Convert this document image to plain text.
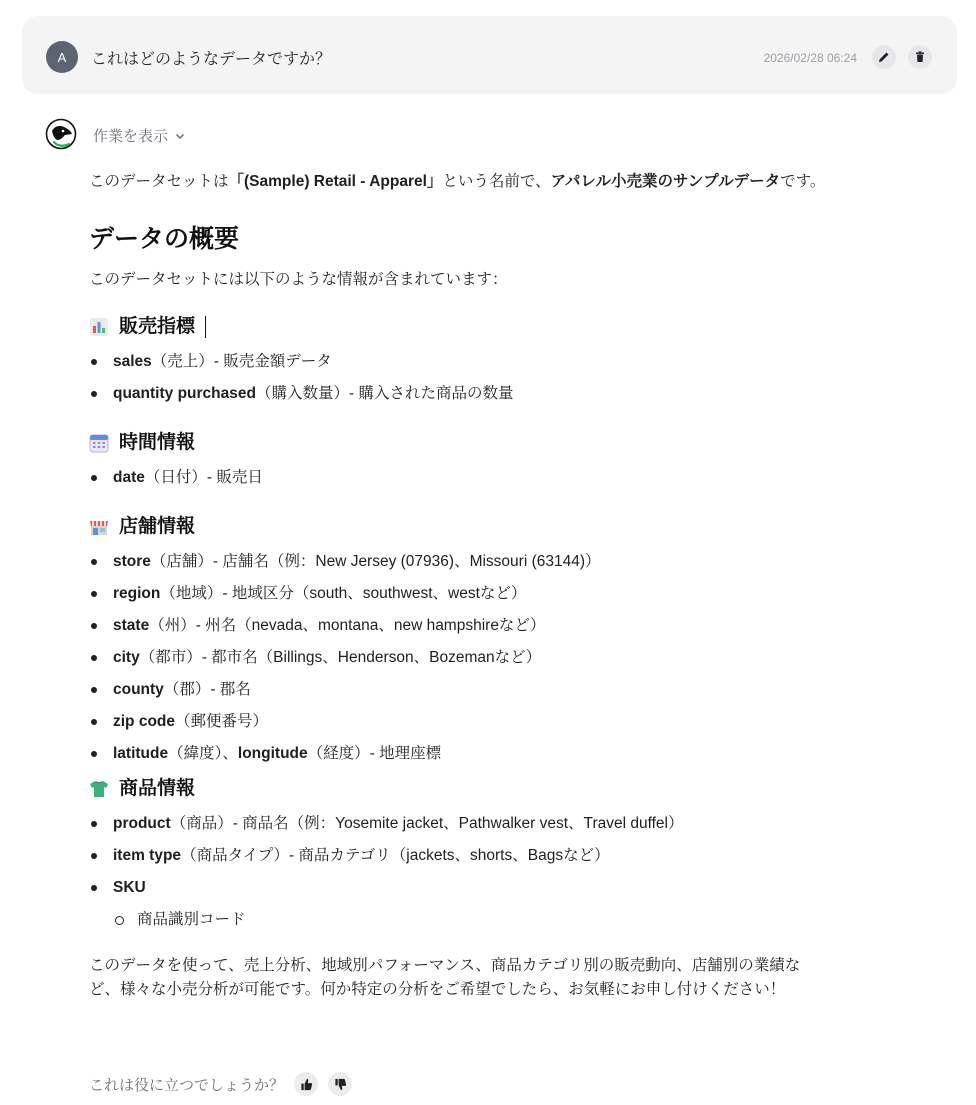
A	これはどのようなデータですか？	2026/02/28 06:24
作業を表示

このデータセットは「(Sample) Retail - Apparel」という名前で、アパレル小売業のサンプルデータです。

データの概要

このデータセットには以下のような情報が含まれています：

販売指標
sales（売上）- 販売金額データ
quantity purchased（購入数量）- 購入された商品の数量
時間情報
date（日付）- 販売日
店舗情報
store（店舗）- 店舗名（例：New Jersey (07936)、Missouri (63144)）
region（地域）- 地域区分（south、southwest、westなど）
state（州）- 州名（nevada、montana、new hampshireなど）
city（都市）- 都市名（Billings、Henderson、Bozemanなど）
county（郡）- 郡名
zip code（郵便番号）
latitude（緯度）、longitude（経度）- 地理座標
商品情報
product（商品）- 商品名（例：Yosemite jacket、Pathwalker vest、Travel duffel）
item type（商品タイプ）- 商品カテゴリ（jackets、shorts、Bagsなど）
SKU
商品識別コード

このデータを使って、売上分析、地域別パフォーマンス、商品カテゴリ別の販売動向、店舗別の業績など、様々な小売分析が可能です。何か特定の分析をご希望でしたら、お気軽にお申し付けください！

これは役に立つでしょうか？
